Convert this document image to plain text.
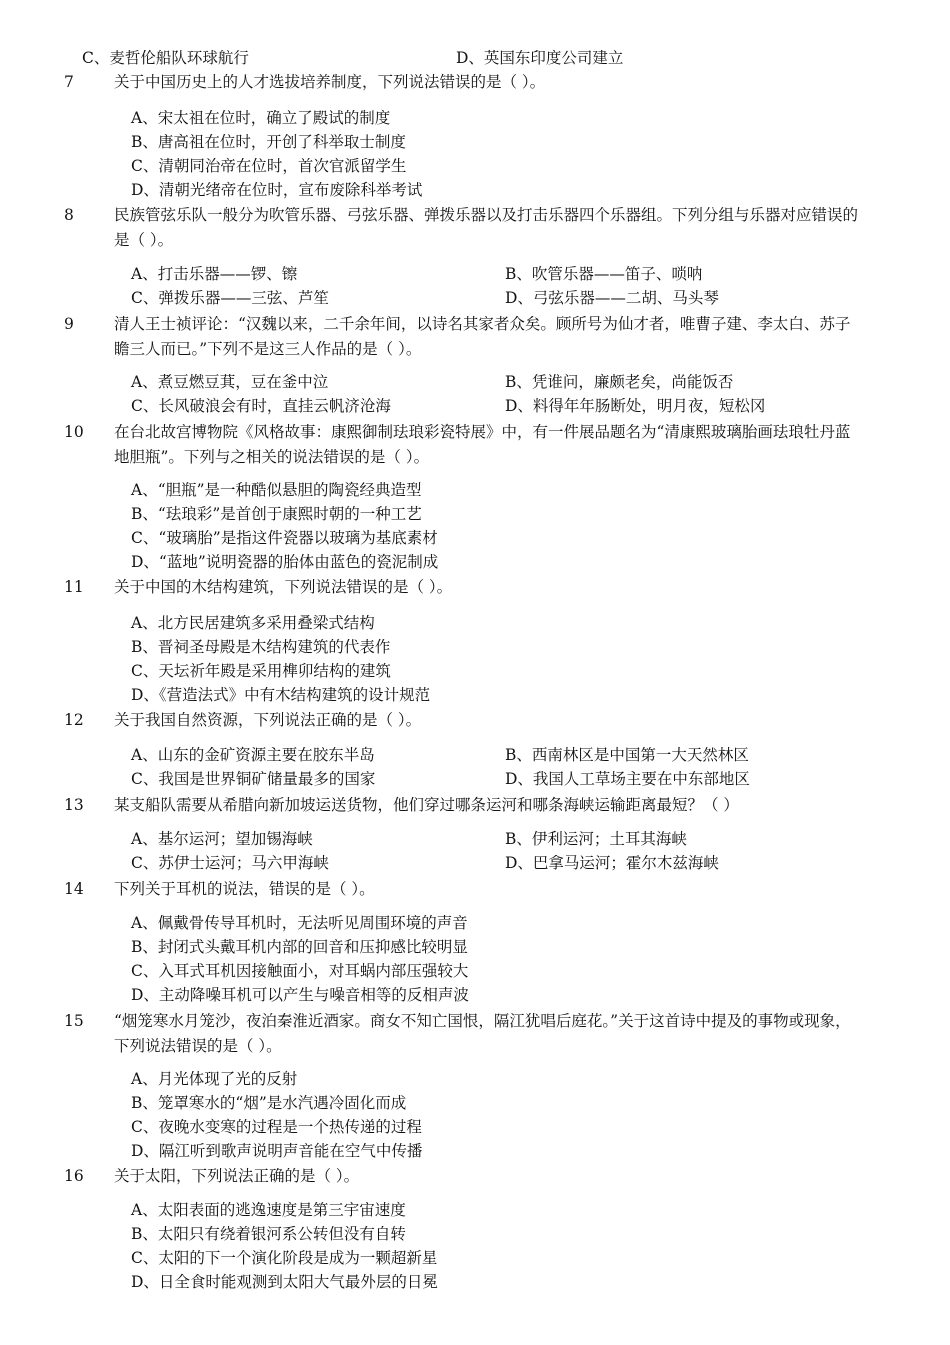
C、麦哲伦船队环球航行	D、英国东印度公司建立
7	关于中国历史上的人才选拔培养制度，下列说法错误的是（ ）。
A、宋太祖在位时，确立了殿试的制度
B、唐高祖在位时，开创了科举取士制度
C、清朝同治帝在位时，首次官派留学生
D、清朝光绪帝在位时，宣布废除科举考试
8	民族管弦乐队一般分为吹管乐器、弓弦乐器、弹拨乐器以及打击乐器四个乐器组。下列分组与乐器对应错误的是（ ）。
A、打击乐器——锣、镲	B、吹管乐器——笛子、唢呐
C、弹拨乐器——三弦、芦笙	D、弓弦乐器——二胡、马头琴
9	清人王士祯评论：“汉魏以来，二千余年间，以诗名其家者众矣。顾所号为仙才者，唯曹子建、李太白、苏子瞻三人而已。”下列不是这三人作品的是（ ）。
A、煮豆燃豆萁，豆在釜中泣	B、凭谁问，廉颇老矣，尚能饭否
C、长风破浪会有时，直挂云帆济沧海	D、料得年年肠断处，明月夜，短松冈
10 在台北故宫博物院《风格故事：康熙御制珐琅彩瓷特展》中，有一件展品题名为“清康熙玻璃胎画珐琅牡丹蓝地胆瓶”。下列与之相关的说法错误的是（ ）。
A、“胆瓶”是一种酷似悬胆的陶瓷经典造型
B、“珐琅彩”是首创于康熙时朝的一种工艺
C、“玻璃胎”是指这件瓷器以玻璃为基底素材
D、“蓝地”说明瓷器的胎体由蓝色的瓷泥制成
11 关于中国的木结构建筑，下列说法错误的是（ ）。
A、北方民居建筑多采用叠梁式结构
B、晋祠圣母殿是木结构建筑的代表作
C、天坛祈年殿是采用榫卯结构的建筑
D、《营造法式》中有木结构建筑的设计规范
12 关于我国自然资源，下列说法正确的是（ ）。
A、山东的金矿资源主要在胶东半岛	B、西南林区是中国第一大天然林区
C、我国是世界铜矿储量最多的国家	D、我国人工草场主要在中东部地区
13 某支船队需要从希腊向新加坡运送货物，他们穿过哪条运河和哪条海峡运输距离最短？（ ）
A、基尔运河；望加锡海峡	B、伊利运河；土耳其海峡
C、苏伊士运河；马六甲海峡	D、巴拿马运河；霍尔木兹海峡
14 下列关于耳机的说法，错误的是（ ）。
A、佩戴骨传导耳机时，无法听见周围环境的声音
B、封闭式头戴耳机内部的回音和压抑感比较明显
C、入耳式耳机因接触面小，对耳蜗内部压强较大
D、主动降噪耳机可以产生与噪音相等的反相声波
15 “烟笼寒水月笼沙，夜泊秦淮近酒家。商女不知亡国恨，隔江犹唱后庭花。”关于这首诗中提及的事物或现象，下列说法错误的是（ ）。
A、月光体现了光的反射
B、笼罩寒水的“烟”是水汽遇冷固化而成
C、夜晚水变寒的过程是一个热传递的过程
D、隔江听到歌声说明声音能在空气中传播
16 关于太阳，下列说法正确的是（ ）。
A、太阳表面的逃逸速度是第三宇宙速度
B、太阳只有绕着银河系公转但没有自转
C、太阳的下一个演化阶段是成为一颗超新星
D、日全食时能观测到太阳大气最外层的日冕
